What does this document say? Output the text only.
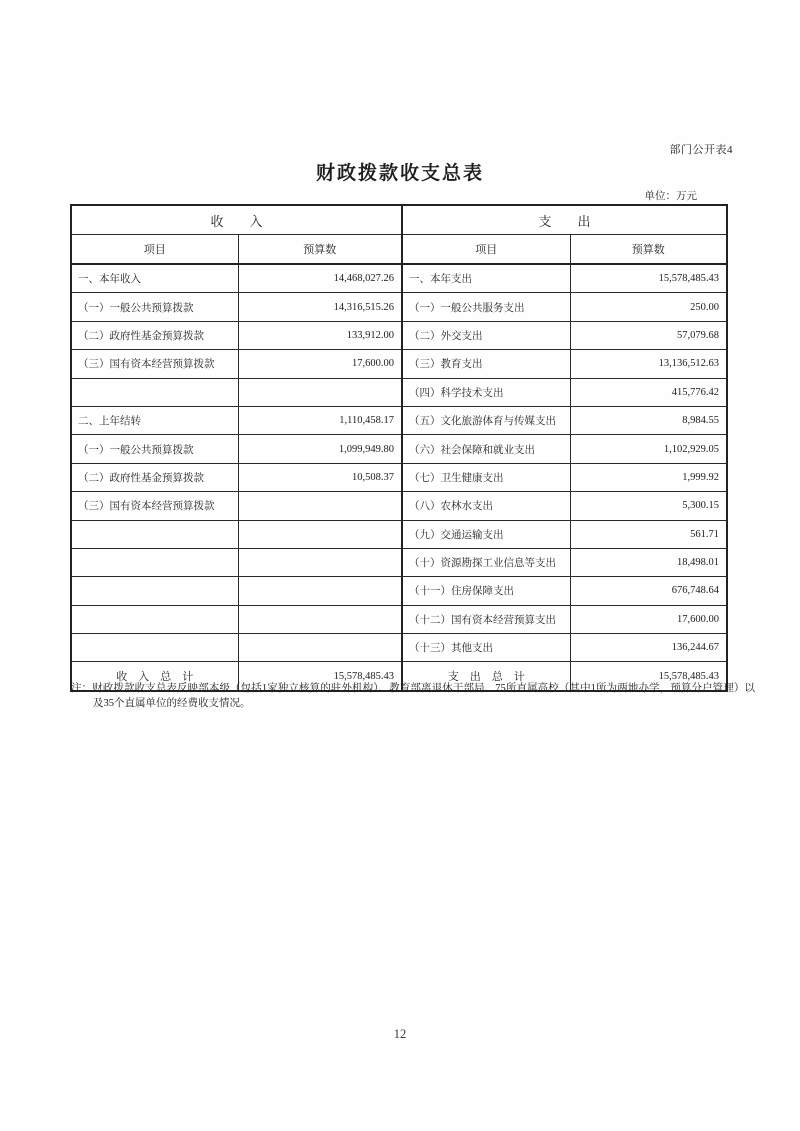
部门公开表4
财政拨款收支总表
单位：万元
收　　入		支　　出	
项目	预算数	项目	预算数
一、本年收入	14,468,027.26	一、本年支出	15,578,485.43
（一）一般公共预算拨款	14,316,515.26	（一）一般公共服务支出	250.00
（二）政府性基金预算拨款	133,912.00	（二）外交支出	57,079.68
（三）国有资本经营预算拨款	17,600.00	（三）教育支出	13,136,512.63
		（四）科学技术支出	415,776.42
二、上年结转	1,110,458.17	（五）文化旅游体育与传媒支出	8,984.55
（一）一般公共预算拨款	1,099,949.80	（六）社会保障和就业支出	1,102,929.05
（二）政府性基金预算拨款	10,508.37	（七）卫生健康支出	1,999.92
（三）国有资本经营预算拨款		（八）农林水支出	5,300.15
		（九）交通运输支出	561.71
		（十）资源勘探工业信息等支出	18,498.01
		（十一）住房保障支出	676,748.64
		（十二）国有资本经营预算支出	17,600.00
		（十三）其他支出	136,244.67
收　入　总　计	15,578,485.43	支　出　总　计	15,578,485.43
注：财政拨款收支总表反映部本级（包括1家独立核算的驻外机构）、教育部离退休干部局、75所直属高校（其中1所为两地办学，预算分户管理）以及35个直属单位的经费收支情况。
12
